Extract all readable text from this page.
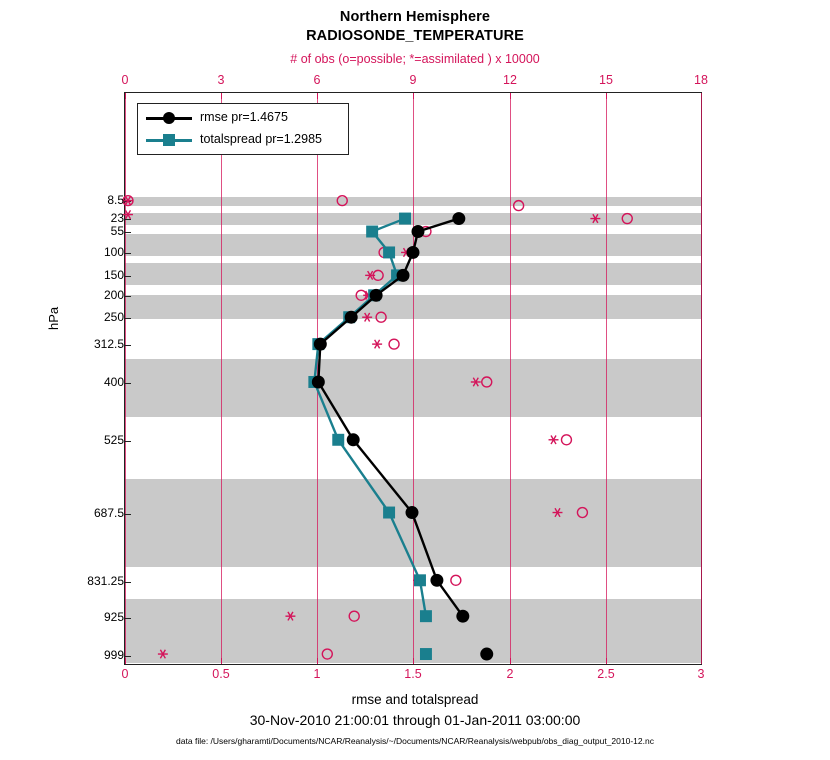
Northern Hemisphere
RADIOSONDE_TEMPERATURE
# of obs (o=possible; *=assimilated ) x 10000
rmse pr=1.4675
totalspread pr=1.2985
0	0.5	1	1.5	2	2.5	3
0	3	6	9	12	15	18
8.5
23
55
100
150
200
250
312.5
400
525
687.5
831.25
925
999
hPa
rmse and totalspread
30-Nov-2010 21:00:01 through 01-Jan-2011 03:00:00
data file: /Users/gharamti/Documents/NCAR/Reanalysis/~/Documents/NCAR/Reanalysis/webpub/obs_diag_output_2010-12.nc
